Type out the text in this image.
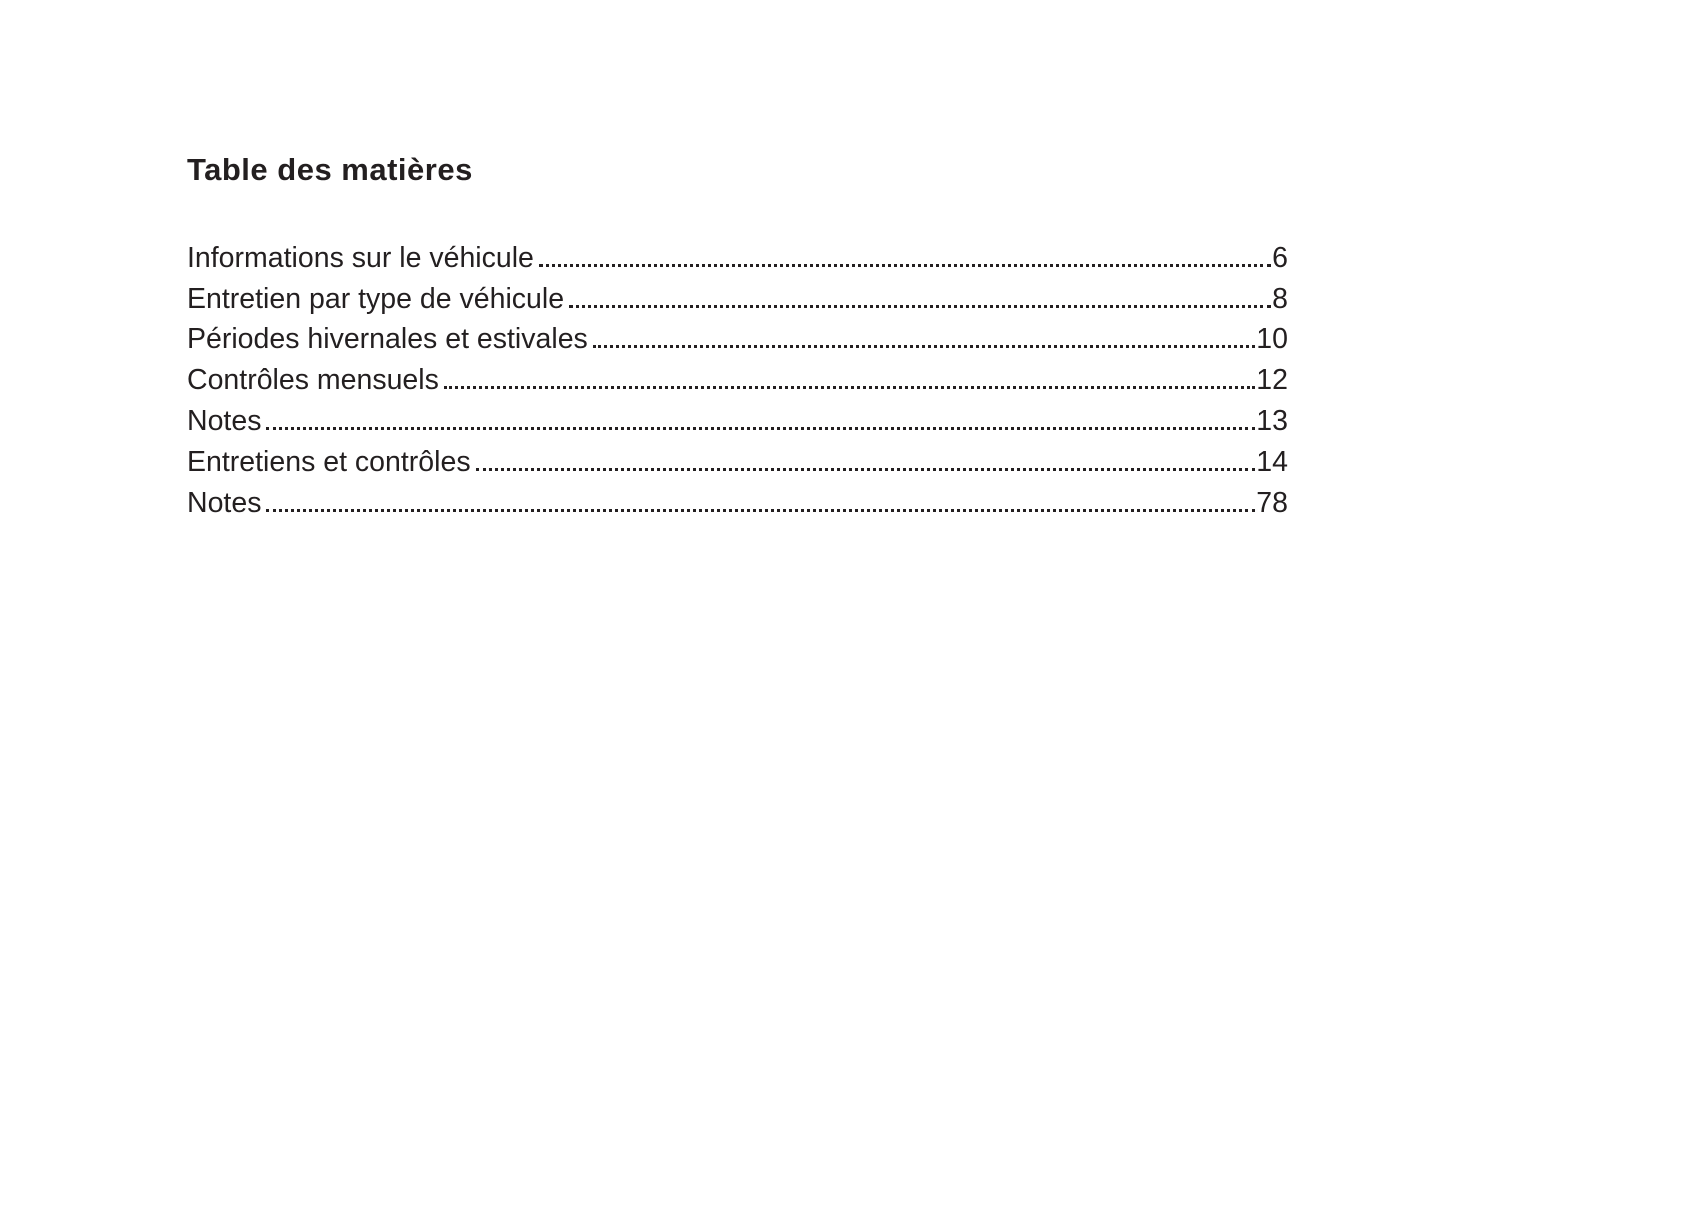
Table des matières
Informations sur le véhicule	6
Entretien par type de véhicule	8
Périodes hivernales et estivales	10
Contrôles mensuels	12
Notes	13
Entretiens et contrôles	14
Notes	78
